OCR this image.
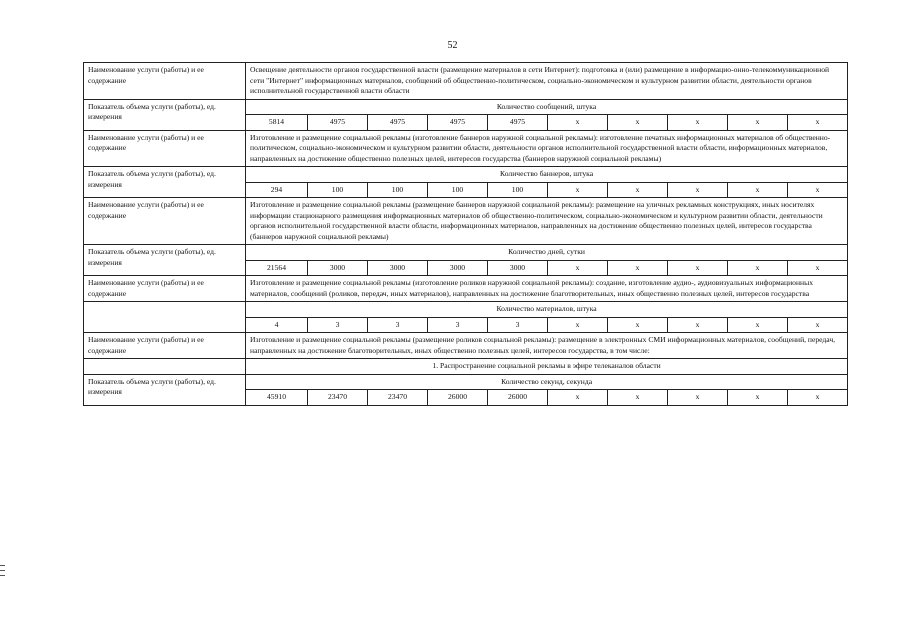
52
Наименование услуги (работы) и ее содержание	Освещение деятельности органов государственной власти (размещение материалов в сети Интернет): подготовка и (или) размещение в информацио-онно-телекоммуникационной сети "Интернет" информационных материалов, сообщений об общественно-политическом, социально-экономическом и культурном развитии области, деятельности органов исполнительной государственной власти области									
Показатель объема услуги (работы), ед. измерения	Количество сообщений, штука									
	5814	4975	4975	4975	4975	х	х	х	х	х
Наименование услуги (работы) и ее содержание	Изготовление и размещение социальной рекламы (изготовление баннеров наружной социальной рекламы): изготовление печатных информационных материалов об общественно-политическом, социально-экономическом и культурном развитии области, деятельности органов исполнительной государственной власти области, информационных материалов, направленных на достижение общественно полезных целей, интересов государства (баннеров наружной социальной рекламы)									
Показатель объема услуги (работы), ед. измерения	Количество баннеров, штука									
	294	100	100	100	100	х	х	х	х	х
Наименование услуги (работы) и ее содержание	Изготовление и размещение социальной рекламы (размещение баннеров наружной социальной рекламы): размещение на уличных рекламных конструкциях, иных носителях информации стационарного размещения информационных материалов об общественно-политическом, социально-экономическом и культурном развитии области, деятельности органов исполнительной государственной власти области, информационных материалов, направленных на достижение общественно полезных целей, интересов государства (баннеров наружной социальной рекламы)									
Показатель объема услуги (работы), ед. измерения	Количество дней, сутки									
	21564	3000	3000	3000	3000	х	х	х	х	х
Наименование услуги (работы) и ее содержание	Изготовление и размещение социальной рекламы (изготовление роликов наружной социальной рекламы): создание, изготовление аудио-, аудиовизуальных информационных материалов, сообщений (роликов, передач, иных материалов), направленных на достижение благотворительных, иных общественно полезных целей, интересов государства									
	Количество материалов, штука									
	4	3	3	3	3	х	х	х	х	х
Наименование услуги (работы) и ее содержание	Изготовление и размещение социальной рекламы (размещение роликов социальной рекламы): размещение в электронных СМИ информационных материалов, сообщений, передач, направленных на достижение благотворительных, иных общественно полезных целей, интересов государства, в том числе:									
	1. Распространение социальной рекламы в эфире телеканалов области									
Показатель объема услуги (работы), ед. измерения	Количество секунд, секунда									
	45910	23470	23470	26000	26000	х	х	х	х	х
